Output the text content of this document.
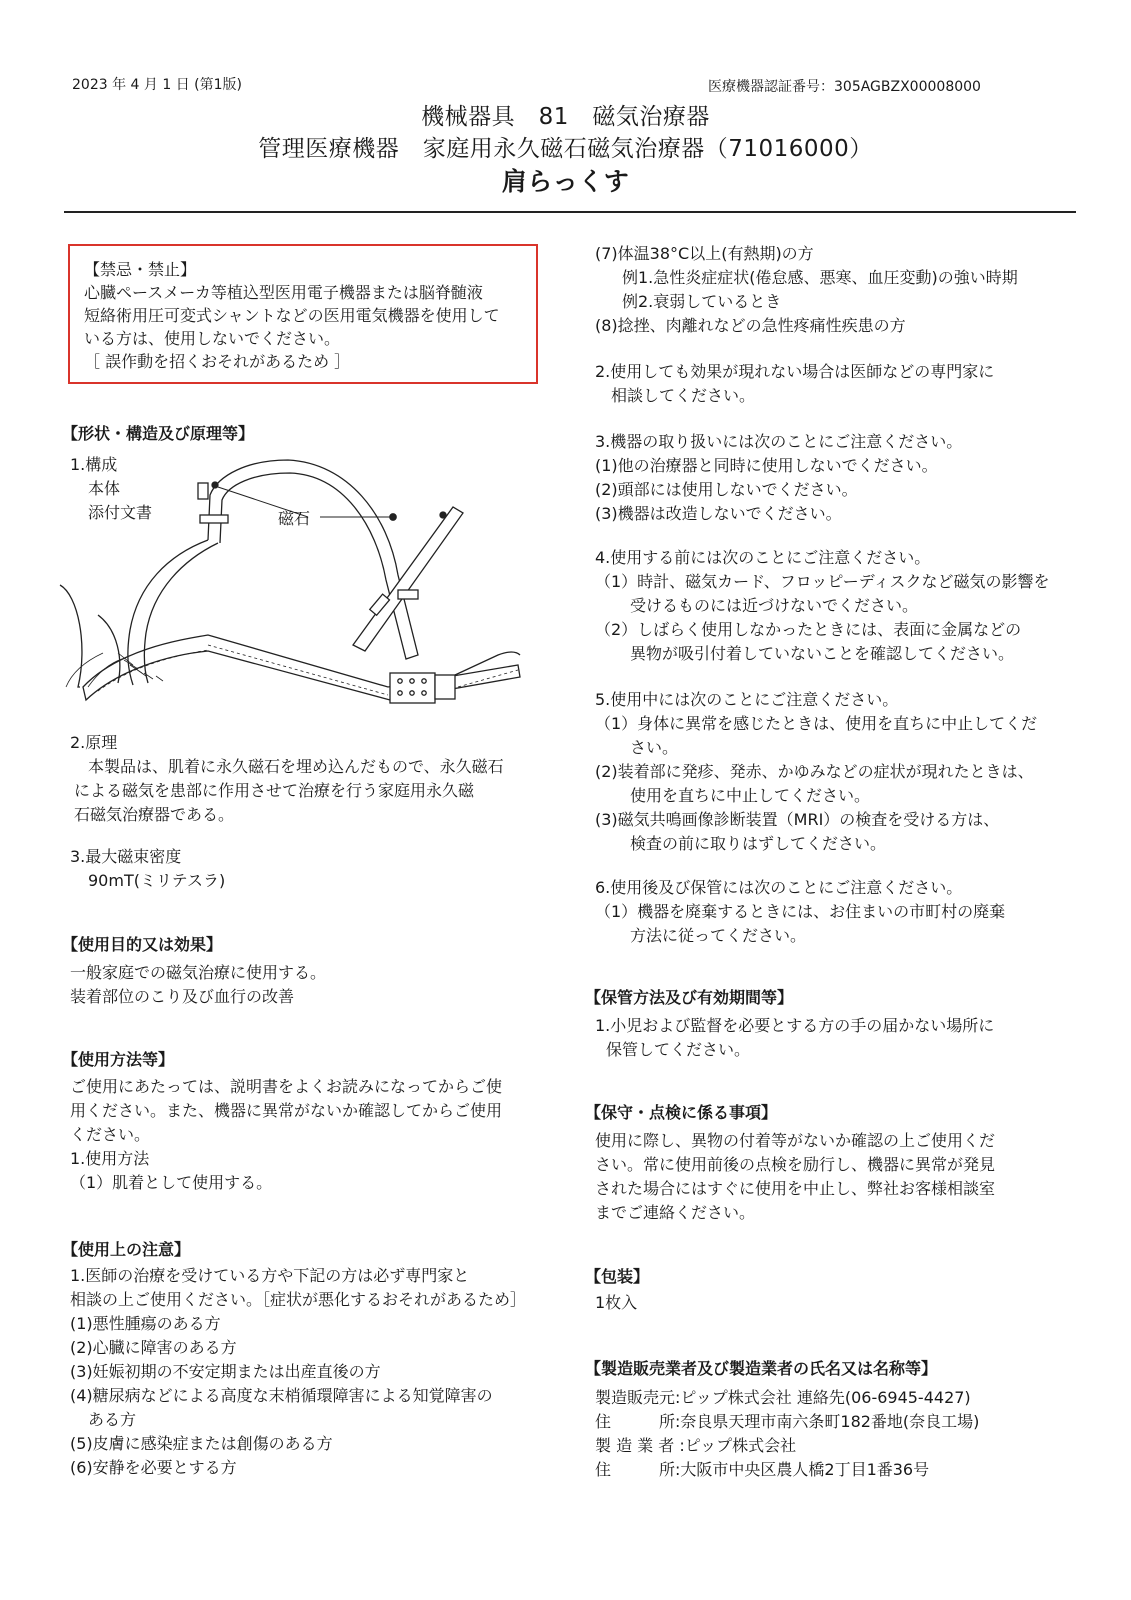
2023 年 4 月 1 日 (第1版)	医療機器認証番号：305AGBZX00008000
機械器具　81　磁気治療器
管理医療機器　家庭用永久磁石磁気治療器（71016000）
肩らっくす
【禁忌・禁止】
心臓ペースメーカ等植込型医用電子機器または脳脊髄液
短絡術用圧可変式シャントなどの医用電気機器を使用して
いる方は、使用しないでください。
［ 誤作動を招くおそれがあるため ］
【形状・構造及び原理等】
1.構成
本体
添付文書	磁石
2.原理
本製品は、肌着に永久磁石を埋め込んだもので、永久磁石
による磁気を患部に作用させて治療を行う家庭用永久磁
石磁気治療器である。
3.最大磁束密度
90mT(ミリテスラ)
【使用目的又は効果】
一般家庭での磁気治療に使用する。
装着部位のこり及び血行の改善
【使用方法等】
ご使用にあたっては、説明書をよくお読みになってからご使
用ください。また、機器に異常がないか確認してからご使用
ください。
1.使用方法
（1）肌着として使用する。
【使用上の注意】
1.医師の治療を受けている方や下記の方は必ず専門家と
相談の上ご使用ください。［症状が悪化するおそれがあるため］
(1)悪性腫瘍のある方
(2)心臓に障害のある方
(3)妊娠初期の不安定期または出産直後の方
(4)糖尿病などによる高度な末梢循環障害による知覚障害の
ある方
(5)皮膚に感染症または創傷のある方
(6)安静を必要とする方
(7)体温38°C以上(有熱期)の方
例1.急性炎症症状(倦怠感、悪寒、血圧変動)の強い時期
例2.衰弱しているとき
(8)捻挫、肉離れなどの急性疼痛性疾患の方
2.使用しても効果が現れない場合は医師などの専門家に
相談してください。
3.機器の取り扱いには次のことにご注意ください。
(1)他の治療器と同時に使用しないでください。
(2)頭部には使用しないでください。
(3)機器は改造しないでください。
4.使用する前には次のことにご注意ください。
（1）時計、磁気カード、フロッピーディスクなど磁気の影響を
受けるものには近づけないでください。
（2）しばらく使用しなかったときには、表面に金属などの
異物が吸引付着していないことを確認してください。
5.使用中には次のことにご注意ください。
（1）身体に異常を感じたときは、使用を直ちに中止してくだ
さい。
(2)装着部に発疹、発赤、かゆみなどの症状が現れたときは、
使用を直ちに中止してください。
(3)磁気共鳴画像診断装置（MRI）の検査を受ける方は、
検査の前に取りはずしてください。
6.使用後及び保管には次のことにご注意ください。
（1）機器を廃棄するときには、お住まいの市町村の廃棄
方法に従ってください。
【保管方法及び有効期間等】
1.小児および監督を必要とする方の手の届かない場所に
保管してください。
【保守・点検に係る事項】
使用に際し、異物の付着等がないか確認の上ご使用くだ
さい。常に使用前後の点検を励行し、機器に異常が発見
された場合にはすぐに使用を中止し、弊社お客様相談室
までご連絡ください。
【包装】
1枚入
【製造販売業者及び製造業者の氏名又は名称等】
製造販売元:ピップ株式会社 連絡先(06-6945-4427)
住　　　所:奈良県天理市南六条町182番地(奈良工場)
製 造 業 者 :ピップ株式会社
住　　　所:大阪市中央区農人橋2丁目1番36号
